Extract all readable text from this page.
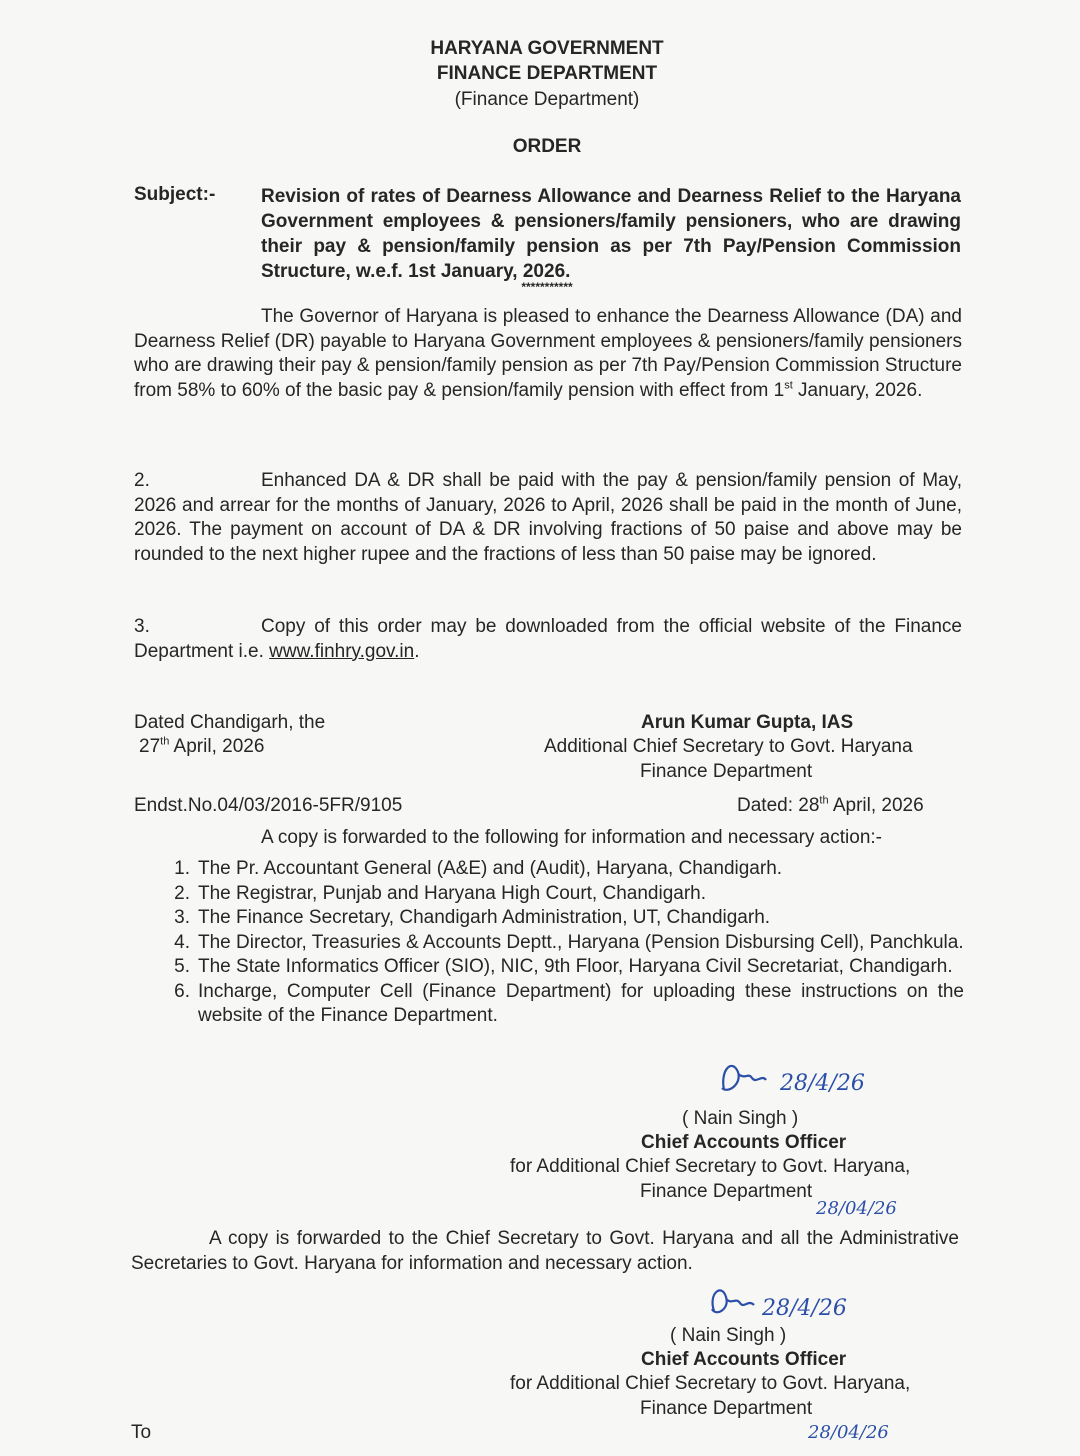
HARYANA GOVERNMENT
FINANCE DEPARTMENT
(Finance Department)
ORDER
Subject:- Revision of rates of Dearness Allowance and Dearness Relief to the Haryana Government employees & pensioners/family pensioners, who are drawing their pay & pension/family pension as per 7th Pay/Pension Commission Structure, w.e.f. 1st January, 2026.
***********
The Governor of Haryana is pleased to enhance the Dearness Allowance (DA) and Dearness Relief (DR) payable to Haryana Government employees & pensioners/family pensioners who are drawing their pay & pension/family pension as per 7th Pay/Pension Commission Structure from 58% to 60% of the basic pay & pension/family pension with effect from 1st January, 2026.
2.	Enhanced DA & DR shall be paid with the pay & pension/family pension of May, 2026 and arrear for the months of January, 2026 to April, 2026 shall be paid in the month of June, 2026. The payment on account of DA & DR involving fractions of 50 paise and above may be rounded to the next higher rupee and the fractions of less than 50 paise may be ignored.
3.	Copy of this order may be downloaded from the official website of the Finance Department i.e. www.finhry.gov.in.
Dated Chandigarh, the
27th April, 2026
Arun Kumar Gupta, IAS
Additional Chief Secretary to Govt. Haryana
Finance Department
Endst.No.04/03/2016-5FR/9105	Dated: 28th April, 2026
A copy is forwarded to the following for information and necessary action:-
1. The Pr. Accountant General (A&E) and (Audit), Haryana, Chandigarh.
2. The Registrar, Punjab and Haryana High Court, Chandigarh.
3. The Finance Secretary, Chandigarh Administration, UT, Chandigarh.
4. The Director, Treasuries & Accounts Deptt., Haryana (Pension Disbursing Cell), Panchkula.
5. The State Informatics Officer (SIO), NIC, 9th Floor, Haryana Civil Secretariat, Chandigarh.
6. Incharge, Computer Cell (Finance Department) for uploading these instructions on the website of the Finance Department.
28/4/26
( Nain Singh )
Chief Accounts Officer
for Additional Chief Secretary to Govt. Haryana,
Finance Department
28/04/26
A copy is forwarded to the Chief Secretary to Govt. Haryana and all the Administrative Secretaries to Govt. Haryana for information and necessary action.
28/4/26
( Nain Singh )
Chief Accounts Officer
for Additional Chief Secretary to Govt. Haryana,
Finance Department
28/04/26
To
